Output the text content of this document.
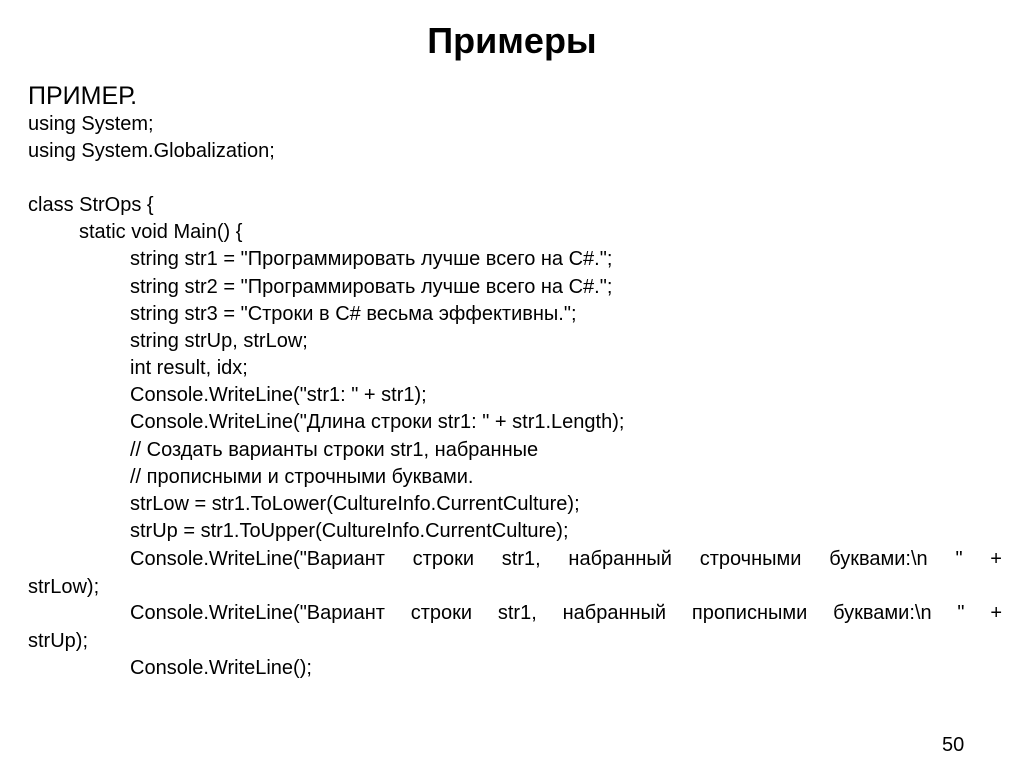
Примеры
ПРИМЕР.
using System;
using System.Globalization;
class StrOps {
static void Main() {
string str1 = "Программировать лучше всего на C#.";
string str2 = "Программировать лучше всего на C#.";
string str3 = "Строки в C# весьма эффективны.";
string strUp, strLow;
int result, idx;
Console.WriteLine("str1: " + str1);
Console.WriteLine("Длина строки str1: " + str1.Length);
// Создать варианты строки str1, набранные
// прописными и строчными буквами.
strLow = str1.ToLower(CultureInfo.CurrentCulture);
strUp = str1.ToUpper(CultureInfo.CurrentCulture);
Console.WriteLine("Вариант строки str1, набранный строчными буквами:\n " +
strLow);
Console.WriteLine("Вариант строки str1, набранный прописными буквами:\n " +
strUp);
Console.WriteLine();
50
